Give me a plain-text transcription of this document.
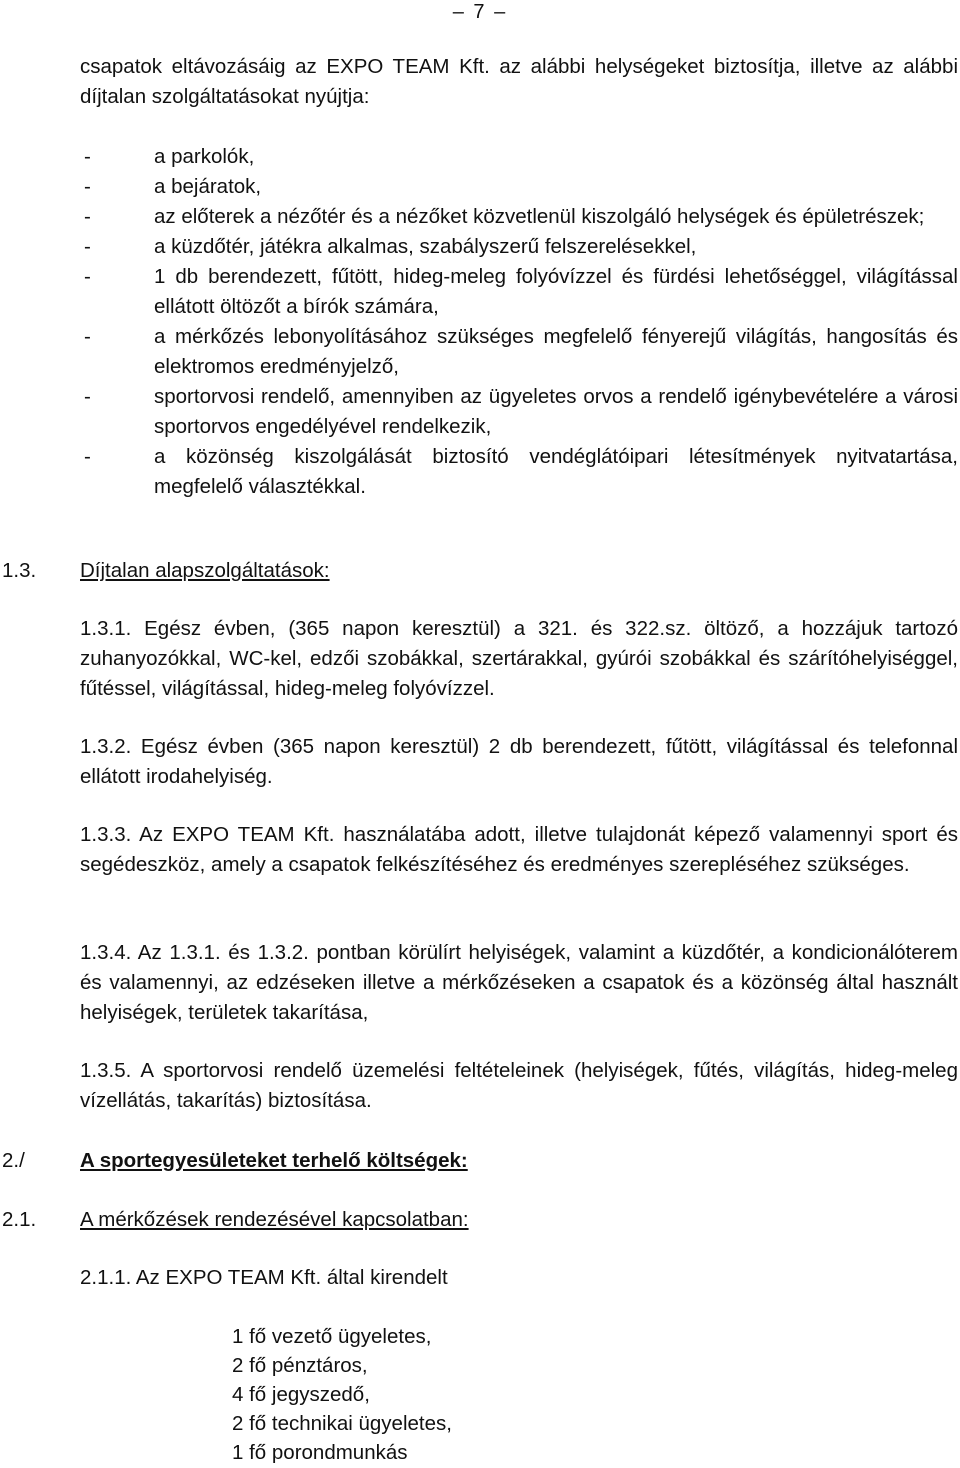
– 7 –

csapatok eltávozásáig az EXPO TEAM Kft. az alábbi helységeket biztosítja, illetve az alábbi díjtalan szolgáltatásokat nyújtja:

-	a parkolók,
-	a bejáratok,
-	az előterek a nézőtér és a nézőket közvetlenül kiszolgáló helységek és épületrészek;
-	a küzdőtér, játékra alkalmas, szabályszerű felszerelésekkel,
-	1 db berendezett, fűtött, hideg-meleg folyóvízzel és fürdési lehetőséggel, világítással ellátott öltözőt a bírók számára,
-	a mérkőzés lebonyolításához szükséges megfelelő fényerejű világítás, hangosítás és elektromos eredményjelző,
-	sportorvosi rendelő, amennyiben az ügyeletes orvos a rendelő igénybevételére a városi sportorvos engedélyével rendelkezik,
-	a közönség kiszolgálását biztosító vendéglátóipari létesítmények nyitvatartása, megfelelő választékkal.
1.3. Díjtalan alapszolgáltatások:

1.3.1. Egész évben, (365 napon keresztül) a 321. és 322.sz. öltöző, a hozzájuk tartozó zuhanyozókkal, WC-kel, edzői szobákkal, szertárakkal, gyúrói szobákkal és szárítóhelyiséggel, fűtéssel, világítással, hideg-meleg folyóvízzel.

1.3.2. Egész évben (365 napon keresztül) 2 db berendezett, fűtött, világítással és telefonnal ellátott irodahelyiség.

1.3.3. Az EXPO TEAM Kft. használatába adott, illetve tulajdonát képező valamennyi sport és segédeszköz, amely a csapatok felkészítéséhez és eredményes szerepléséhez szükséges.

1.3.4. Az 1.3.1. és 1.3.2. pontban körülírt helyiségek, valamint a küzdőtér, a kondicionálóterem és valamennyi, az edzéseken illetve a mérkőzéseken a csapatok és a közönség által használt helyiségek, területek takarítása,

1.3.5. A sportorvosi rendelő üzemelési feltételeinek (helyiségek, fűtés, világítás, hideg-meleg vízellátás, takarítás) biztosítása.

2./	A sportegyesületeket terhelő költségek:
2.1. A mérkőzések rendezésével kapcsolatban:

2.1.1. Az EXPO TEAM Kft. által kirendelt

1 fő vezető ügyeletes,
2 fő pénztáros,
4 fő jegyszedő,
2 fő technikai ügyeletes,
1 fő porondmunkás
